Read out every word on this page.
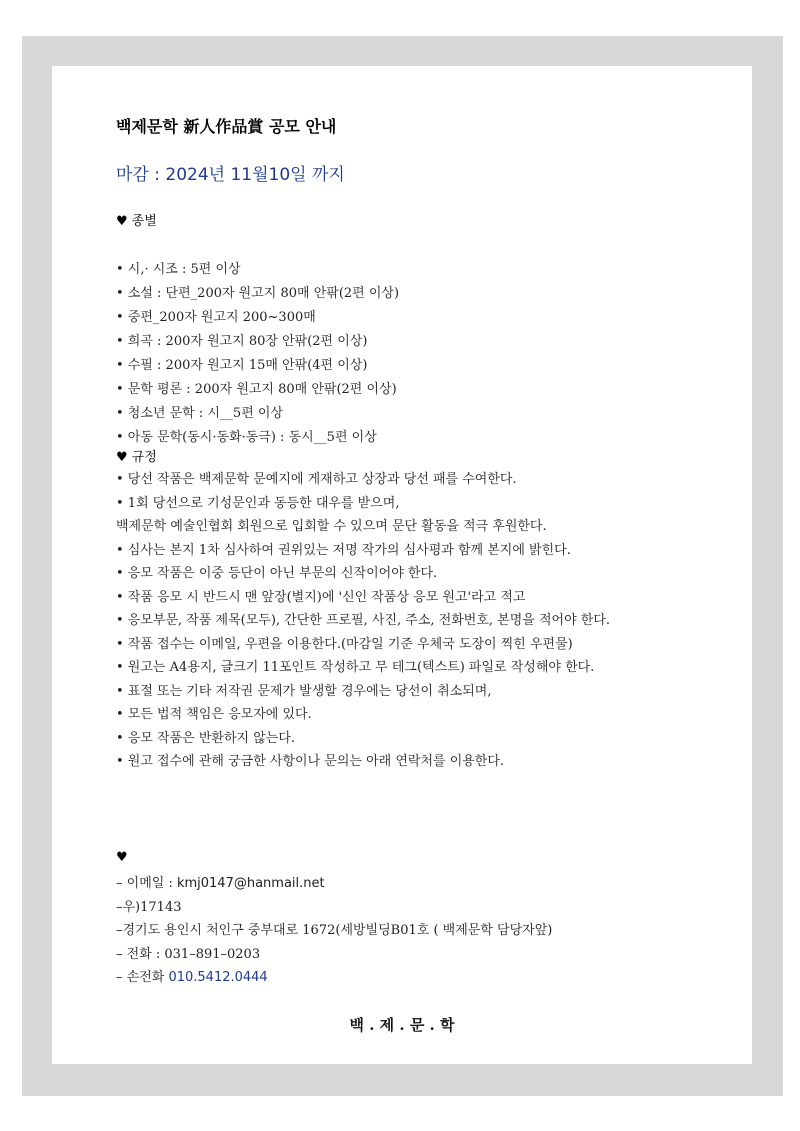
백제문학 新人作品賞 공모 안내
마감 : 2024년 11월10일 까지
♥ 종별
• 시,· 시조 : 5편 이상
• 소설 : 단편_200자 원고지 80매 안팎(2편 이상)
• 중편_200자 원고지 200~300매
• 희곡 : 200자 원고지 80장 안팎(2편 이상)
• 수필 : 200자 원고지 15매 안팎(4편 이상)
• 문학 평론 : 200자 원고지 80매 안팎(2편 이상)
• 청소년 문학 : 시__5편 이상
• 아동 문학(동시·동화·동극) : 동시__5편 이상
♥ 규정
• 당선 작품은 백제문학 문예지에 게재하고 상장과 당선 패를 수여한다.
• 1회 당선으로 기성문인과 동등한 대우를 받으며,
백제문학 예술인협회 회원으로 입회할 수 있으며 문단 활동을 적극 후원한다.
• 심사는 본지 1차 심사하여 권위있는 저명 작가의 심사평과 함께 본지에 밝힌다.
• 응모 작품은 이중 등단이 아닌 부문의 신작이어야 한다.
• 작품 응모 시 반드시 맨 앞장(별지)에 '신인 작품상 응모 원고'라고 적고
• 응모부문, 작품 제목(모두), 간단한 프로필, 사진, 주소, 전화번호, 본명을 적어야 한다.
• 작품 접수는 이메일, 우편을 이용한다.(마감일 기준 우체국 도장이 찍힌 우편물)
• 원고는 A4용지, 글크기 11포인트 작성하고 무 테그(텍스트) 파일로 작성해야 한다.
• 표절 또는 기타 저작권 문제가 발생할 경우에는 당선이 취소되며,
• 모든 법적 책임은 응모자에 있다.
• 응모 작품은 반환하지 않는다.
• 원고 접수에 관해 궁금한 사항이나 문의는 아래 연락처를 이용한다.
♥
– 이메일 : kmj0147@hanmail.net
–우)17143
–경기도 용인시 처인구 중부대로 1672(세방빌딩B01호 ( 백제문학 담당자앞)
– 전화 : 031–891–0203
– 손전화 010.5412.0444
백 . 제 . 문 . 학
